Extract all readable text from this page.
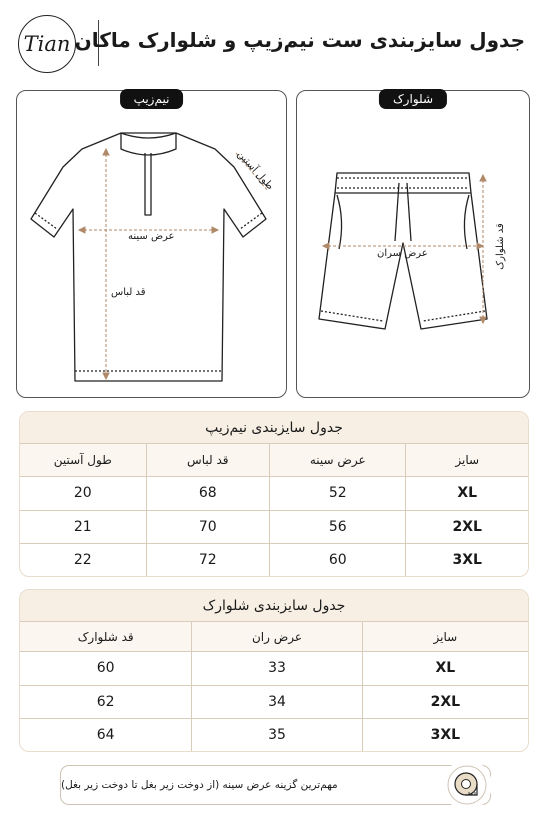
Tian جدول سایزبندی ست نیم‌زیپ و شلوارک ماکان
نیم‌زیپ
طول آستین
عرض سینه
قد لباس
شلوارک
عرض سران	قد شلوارک
جدول سایزبندی نیم‌زیپ
سایز
عرض سینه
قد لباس
طول آستین
XL
52
68
20
2XL
56
70
21
3XL
60
72
22
جدول سایزبندی شلوارک
سایز
عرض ران
قد شلوارک
XL
33
60
2XL
34
62
3XL
35
64
مهم‌ترین گزینه عرض سینه (از دوخت زیر بغل تا دوخت زیر بغل)
